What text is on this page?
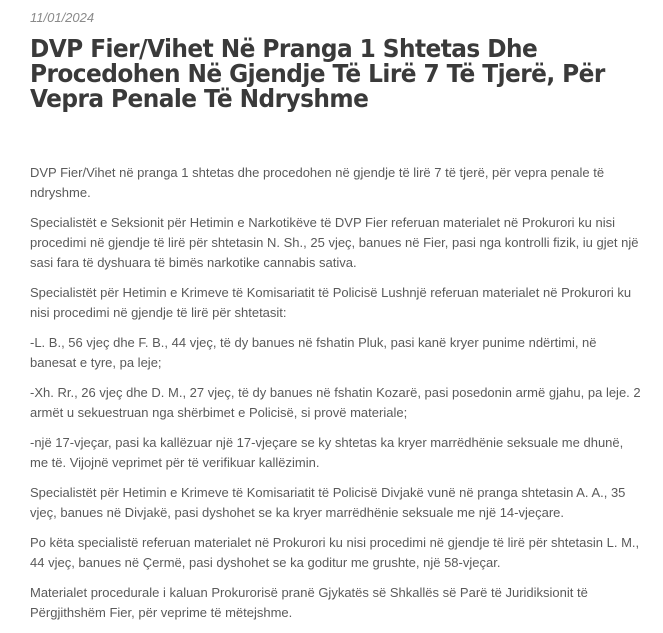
11/01/2024

DVP Fier/Vihet Në Pranga 1 Shtetas Dhe Procedohen Në Gjendje Të Lirë 7 Të Tjerë, Për Vepra Penale Të Ndryshme

DVP Fier/Vihet në pranga 1 shtetas dhe procedohen në gjendje të lirë 7 të tjerë, për vepra penale të ndryshme.

Specialistët e Seksionit për Hetimin e Narkotikëve të DVP Fier referuan materialet në Prokurori ku nisi procedimi në gjendje të lirë për shtetasin N. Sh., 25 vjeç, banues në Fier, pasi nga kontrolli fizik, iu gjet një sasi fara të dyshuara të bimës narkotike cannabis sativa.

Specialistët për Hetimin e Krimeve të Komisariatit të Policisë Lushnjë referuan materialet në Prokurori ku nisi procedimi në gjendje të lirë për shtetasit:

-L. B., 56 vjeç dhe F. B., 44 vjeç, të dy banues në fshatin Pluk, pasi kanë kryer punime ndërtimi, në banesat e tyre, pa leje;

-Xh. Rr., 26 vjeç dhe D. M., 27 vjeç, të dy banues në fshatin Kozarë, pasi posedonin armë gjahu, pa leje. 2 armët u sekuestruan nga shërbimet e Policisë, si provë materiale;

-një 17-vjeçar, pasi ka kallëzuar një 17-vjeçare se ky shtetas ka kryer marrëdhënie seksuale me dhunë, me të. Vijojnë veprimet për të verifikuar kallëzimin.

Specialistët për Hetimin e Krimeve të Komisariatit të Policisë Divjakë vunë në pranga shtetasin A. A., 35 vjeç, banues në Divjakë, pasi dyshohet se ka kryer marrëdhënie seksuale me një 14-vjeçare.

Po këta specialistë referuan materialet në Prokurori ku nisi procedimi në gjendje të lirë për shtetasin L. M., 44 vjeç, banues në Çermë, pasi dyshohet se ka goditur me grushte, një 58-vjeçar.

Materialet procedurale i kaluan Prokurorisë pranë Gjykatës së Shkallës së Parë të Juridiksionit të Përgjithshëm Fier, për veprime të mëtejshme.
